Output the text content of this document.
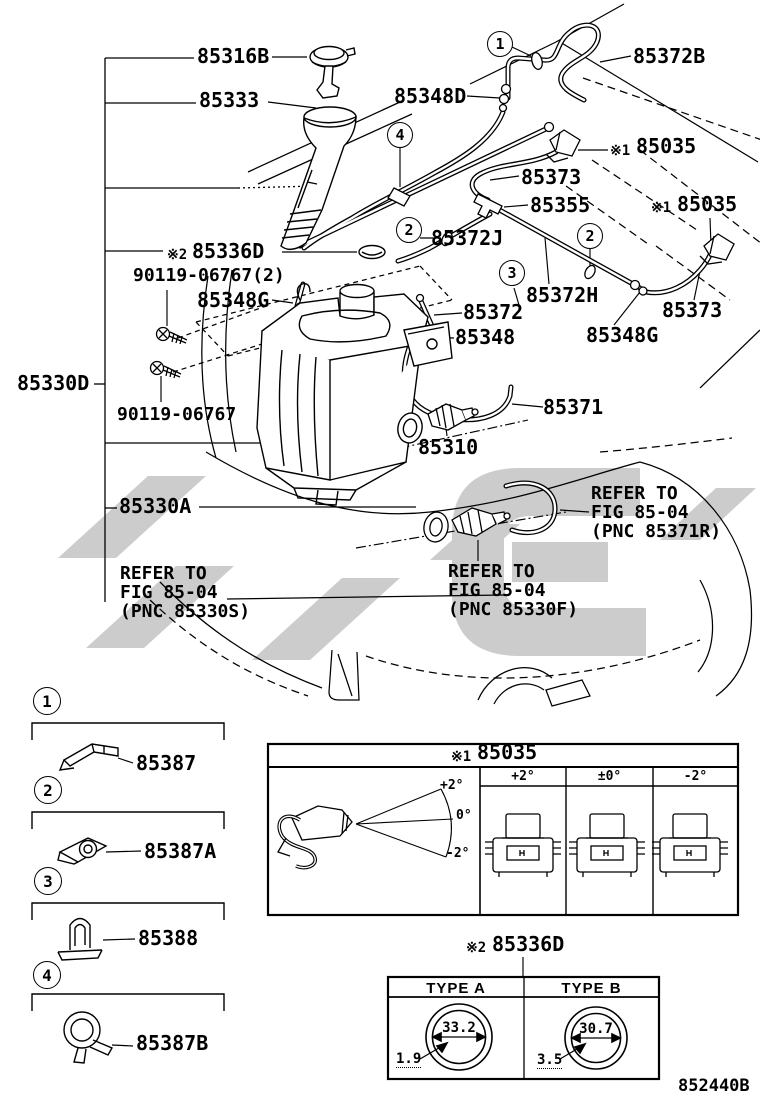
85316B
85333
85372B
85348D
※1 85035
85373
85355	※1 85035
85372J
※2 85336D
90119-06767(2)
85348G	85372H
85372
85348	85348G
85373
85330D
90119-06767	85371
85310
85330A
REFER TO
FIG 85-04
(PNC 85371R)
REFER TO
FIG 85-04
(PNC 85330F)
REFER TO
FIG 85-04
(PNC 85330S)
1
4
2	2
3
1
85387
2
85387A
3
85388
4
85387B
※1 85035
+2°	±0°	-2°
+2°
0°
-2°
※2 85336D
TYPE A	TYPE B
33.2	30.7
1.9	3.5
852440B
